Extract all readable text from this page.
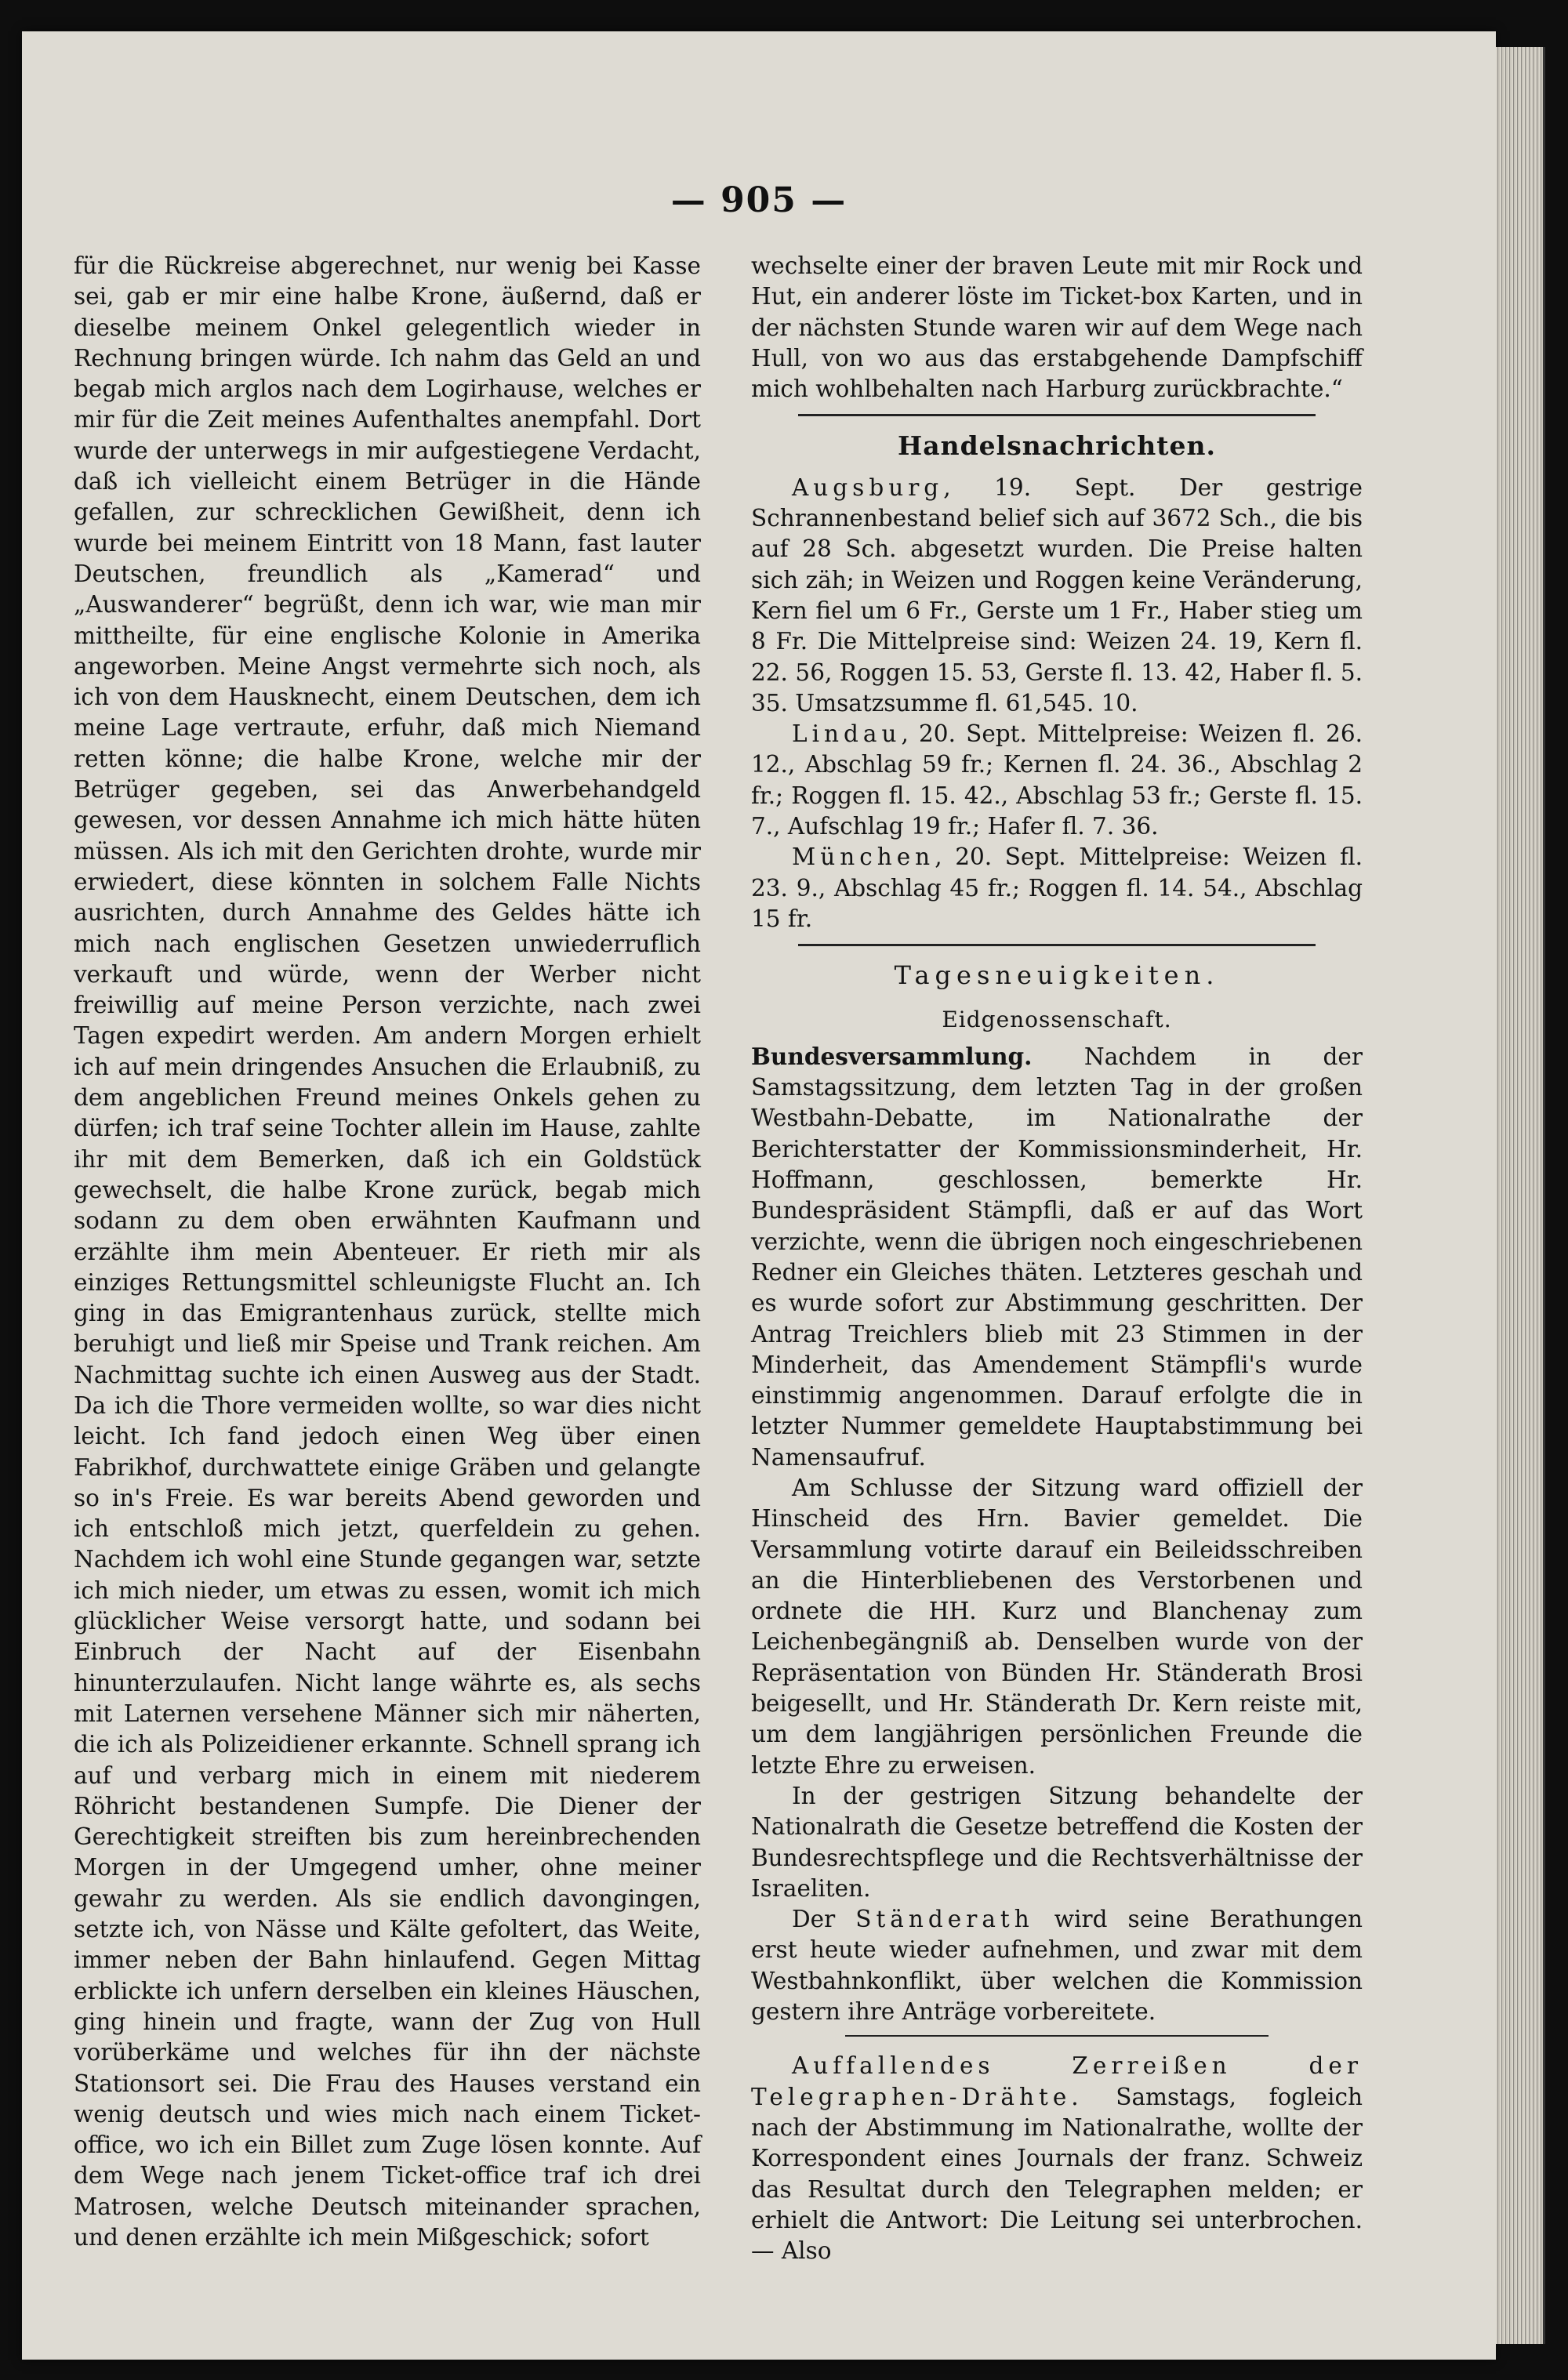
— 905 —

für die Rückreise abgerechnet, nur wenig bei Kasse sei, gab er mir eine halbe Krone, äußernd, daß er dieselbe meinem Onkel gelegentlich wieder in Rechnung bringen würde. Ich nahm das Geld an und begab mich arglos nach dem Logirhause, welches er mir für die Zeit meines Aufenthaltes anempfahl. Dort wurde der unterwegs in mir aufgestiegene Verdacht, daß ich vielleicht einem Betrüger in die Hände gefallen, zur schrecklichen Gewißheit, denn ich wurde bei meinem Eintritt von 18 Mann, fast lauter Deutschen, freundlich als „Kamerad“ und „Auswanderer“ begrüßt, denn ich war, wie man mir mittheilte, für eine englische Kolonie in Amerika angeworben. Meine Angst vermehrte sich noch, als ich von dem Hausknecht, einem Deutschen, dem ich meine Lage vertraute, erfuhr, daß mich Niemand retten könne; die halbe Krone, welche mir der Betrüger gegeben, sei das Anwerbehandgeld gewesen, vor dessen Annahme ich mich hätte hüten müssen. Als ich mit den Gerichten drohte, wurde mir erwiedert, diese könnten in solchem Falle Nichts ausrichten, durch Annahme des Geldes hätte ich mich nach englischen Gesetzen unwiederruflich verkauft und würde, wenn der Werber nicht freiwillig auf meine Person verzichte, nach zwei Tagen expedirt werden. Am andern Morgen erhielt ich auf mein dringendes Ansuchen die Erlaubniß, zu dem angeblichen Freund meines Onkels gehen zu dürfen; ich traf seine Tochter allein im Hause, zahlte ihr mit dem Bemerken, daß ich ein Goldstück gewechselt, die halbe Krone zurück, begab mich sodann zu dem oben erwähnten Kaufmann und erzählte ihm mein Abenteuer. Er rieth mir als einziges Rettungsmittel schleunigste Flucht an. Ich ging in das Emigrantenhaus zurück, stellte mich beruhigt und ließ mir Speise und Trank reichen. Am Nachmittag suchte ich einen Ausweg aus der Stadt. Da ich die Thore vermeiden wollte, so war dies nicht leicht. Ich fand jedoch einen Weg über einen Fabrikhof, durchwattete einige Gräben und gelangte so in's Freie. Es war bereits Abend geworden und ich entschloß mich jetzt, querfeldein zu gehen. Nachdem ich wohl eine Stunde gegangen war, setzte ich mich nieder, um etwas zu essen, womit ich mich glücklicher Weise versorgt hatte, und sodann bei Einbruch der Nacht auf der Eisenbahn hinunterzulaufen. Nicht lange währte es, als sechs mit Laternen versehene Männer sich mir näherten, die ich als Polizeidiener erkannte. Schnell sprang ich auf und verbarg mich in einem mit niederem Röhricht bestandenen Sumpfe. Die Diener der Gerechtigkeit streiften bis zum hereinbrechenden Morgen in der Umgegend umher, ohne meiner gewahr zu werden. Als sie endlich davongingen, setzte ich, von Nässe und Kälte gefoltert, das Weite, immer neben der Bahn hinlaufend. Gegen Mittag erblickte ich unfern derselben ein kleines Häuschen, ging hinein und fragte, wann der Zug von Hull vorüberkäme und welches für ihn der nächste Stationsort sei. Die Frau des Hauses verstand ein wenig deutsch und wies mich nach einem Ticket-office, wo ich ein Billet zum Zuge lösen konnte. Auf dem Wege nach jenem Ticket-office traf ich drei Matrosen, welche Deutsch miteinander sprachen, und denen erzählte ich mein Mißgeschick; sofort

wechselte einer der braven Leute mit mir Rock und Hut, ein anderer löste im Ticket-box Karten, und in der nächsten Stunde waren wir auf dem Wege nach Hull, von wo aus das erstabgehende Dampfschiff mich wohlbehalten nach Harburg zurückbrachte.“

Handelsnachrichten.

Augsburg, 19. Sept. Der gestrige Schrannenbestand belief sich auf 3672 Sch., die bis auf 28 Sch. abgesetzt wurden. Die Preise halten sich zäh; in Weizen und Roggen keine Veränderung, Kern fiel um 6 Fr., Gerste um 1 Fr., Haber stieg um 8 Fr. Die Mittelpreise sind: Weizen 24. 19, Kern fl. 22. 56, Roggen 15. 53, Gerste fl. 13. 42, Haber fl. 5. 35. Umsatzsumme fl. 61,545. 10.

Lindau, 20. Sept. Mittelpreise: Weizen fl. 26. 12., Abschlag 59 fr.; Kernen fl. 24. 36., Abschlag 2 fr.; Roggen fl. 15. 42., Abschlag 53 fr.; Gerste fl. 15. 7., Aufschlag 19 fr.; Hafer fl. 7. 36.

München, 20. Sept. Mittelpreise: Weizen fl. 23. 9., Abschlag 45 fr.; Roggen fl. 14. 54., Abschlag 15 fr.

Tagesneuigkeiten.
Eidgenossenschaft.

Bundesversammlung. Nachdem in der Samstagssitzung, dem letzten Tag in der großen Westbahn-Debatte, im Nationalrathe der Berichterstatter der Kommissionsminderheit, Hr. Hoffmann, geschlossen, bemerkte Hr. Bundespräsident Stämpfli, daß er auf das Wort verzichte, wenn die übrigen noch eingeschriebenen Redner ein Gleiches thäten. Letzteres geschah und es wurde sofort zur Abstimmung geschritten. Der Antrag Treichlers blieb mit 23 Stimmen in der Minderheit, das Amendement Stämpfli's wurde einstimmig angenommen. Darauf erfolgte die in letzter Nummer gemeldete Hauptabstimmung bei Namensaufruf.

Am Schlusse der Sitzung ward offiziell der Hinscheid des Hrn. Bavier gemeldet. Die Versammlung votirte darauf ein Beileidsschreiben an die Hinterbliebenen des Verstorbenen und ordnete die HH. Kurz und Blanchenay zum Leichenbegängniß ab. Denselben wurde von der Repräsentation von Bünden Hr. Ständerath Brosi beigesellt, und Hr. Ständerath Dr. Kern reiste mit, um dem langjährigen persönlichen Freunde die letzte Ehre zu erweisen.

In der gestrigen Sitzung behandelte der Nationalrath die Gesetze betreffend die Kosten der Bundesrechtspflege und die Rechtsverhältnisse der Israeliten.

Der Ständerath wird seine Berathungen erst heute wieder aufnehmen, und zwar mit dem Westbahnkonflikt, über welchen die Kommission gestern ihre Anträge vorbereitete.

Auffallendes Zerreißen der Telegraphen-Drähte. Samstags, fogleich nach der Abstimmung im Nationalrathe, wollte der Korrespondent eines Journals der franz. Schweiz das Resultat durch den Telegraphen melden; er erhielt die Antwort: Die Leitung sei unterbrochen. — Also
